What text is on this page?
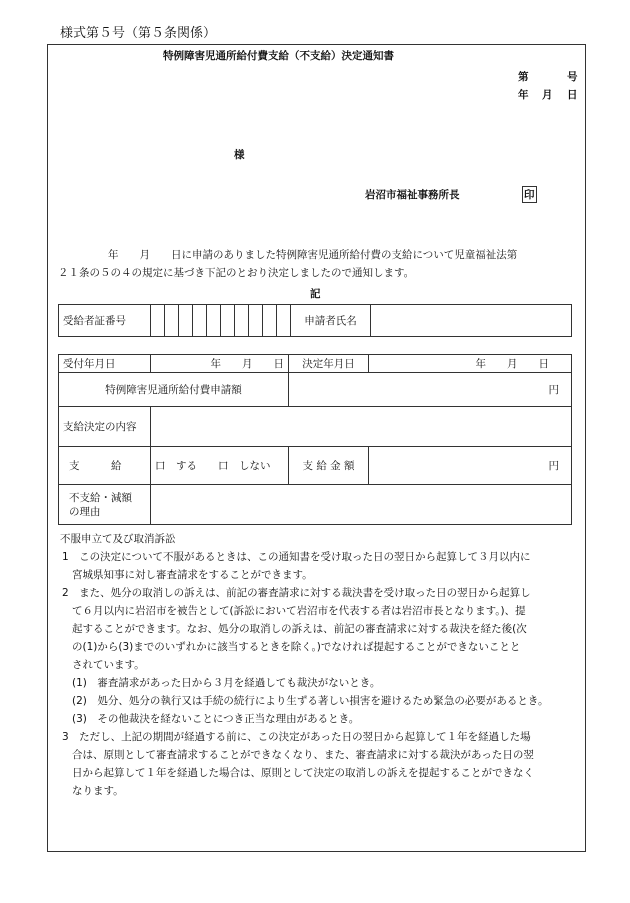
様式第５号（第５条関係）
特例障害児通所給付費支給（不支給）決定通知書
第	号
年 月 日
様
岩沼市福祉事務所長	印
年　　月　　日に申請のありました特例障害児通所給付費の支給について児童福祉法第
２１条の５の４の規定に基づき下記のとおり決定しましたので通知します。
記
受給者証番号											申請者氏名	
受付年月日	年　　月　　日	決定年月日	年　　月　　日
特例障害児通所給付費申請額		円	
支給決定の内容			
支　　　給	口　する　　口　しない	支 給 金 額	円

不支給・減額
の理由			

不服申立て及び取消訴訟
1　この決定について不服があるときは、この通知書を受け取った日の翌日から起算して３月以内に
宮城県知事に対し審査請求をすることができます。
2　また、処分の取消しの訴えは、前記の審査請求に対する裁決書を受け取った日の翌日から起算し
て６月以内に岩沼市を被告として(訴訟において岩沼市を代表する者は岩沼市長となります。)、提
起することができます。なお、処分の取消しの訴えは、前記の審査請求に対する裁決を経た後(次
の(1)から(3)までのいずれかに該当するときを除く。)でなければ提起することができないことと
されています。
(1)　審査請求があった日から３月を経過しても裁決がないとき。
(2)　処分、処分の執行又は手続の続行により生ずる著しい損害を避けるため緊急の必要があるとき。
(3)　その他裁決を経ないことにつき正当な理由があるとき。
3　ただし、上記の期間が経過する前に、この決定があった日の翌日から起算して１年を経過した場
合は、原則として審査請求することができなくなり、また、審査請求に対する裁決があった日の翌
日から起算して１年を経過した場合は、原則として決定の取消しの訴えを提起することができなく
なります。
